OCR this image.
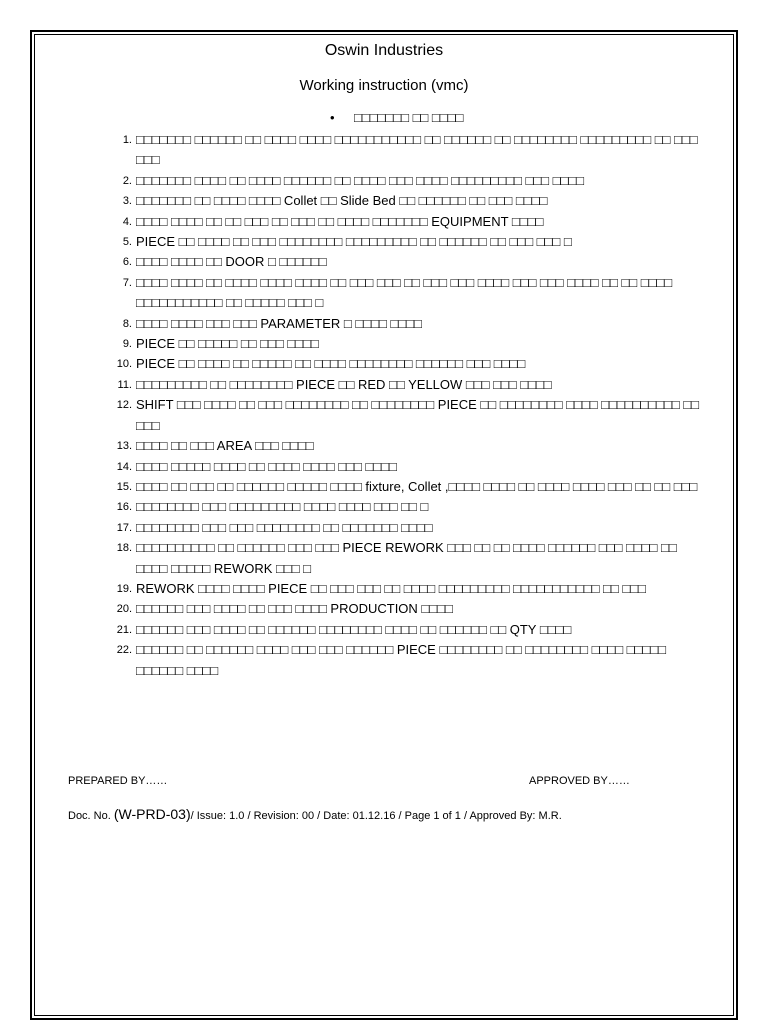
Oswin Industries
Working instruction (vmc)
• □□□□□□□ □□ □□□□
1. □□□□□□□ □□□□□□ □□ □□□□ □□□□ □□□□□□□□□□□ □□ □□□□□□ □□ □□□□□□□□ □□□□□□□□□ □□ □□□ □□□
2. □□□□□□□ □□□□ □□ □□□□ □□□□□□ □□ □□□□ □□□ □□□□ □□□□□□□□□ □□□ □□□□
3. □□□□□□□ □□ □□□□ □□□□ Collet □□ Slide Bed □□ □□□□□□ □□ □□□ □□□□
4. □□□□ □□□□ □□ □□ □□□ □□ □□□ □□ □□□□ □□□□□□□ EQUIPMENT □□□□
5. PIECE □□ □□□□ □□ □□□ □□□□□□□□ □□□□□□□□□ □□ □□□□□□ □□ □□□ □□□ □
6. □□□□ □□□□ □□ DOOR □ □□□□□□
7. □□□□ □□□□ □□ □□□□ □□□□ □□□□ □□ □□□ □□□ □□ □□□ □□□ □□□□ □□□ □□□ □□□□ □□ □□ □□□□ □□□□□□□□□□□ □□ □□□□□ □□□ □
8. □□□□ □□□□ □□□ □□□ PARAMETER □ □□□□ □□□□
9. PIECE □□ □□□□□ □□ □□□ □□□□
10. PIECE □□ □□□□ □□ □□□□□ □□ □□□□ □□□□□□□□ □□□□□□ □□□ □□□□
11. □□□□□□□□□ □□ □□□□□□□□ PIECE □□ RED □□ YELLOW □□□ □□□ □□□□
12. SHIFT □□□ □□□□ □□ □□□ □□□□□□□□ □□ □□□□□□□□ PIECE □□ □□□□□□□□ □□□□ □□□□□□□□□□ □□ □□□
13. □□□□ □□ □□□ AREA □□□ □□□□
14. □□□□ □□□□□ □□□□ □□ □□□□ □□□□ □□□ □□□□
15. □□□□ □□ □□□ □□ □□□□□□ □□□□□ □□□□ fixture, Collet ,□□□□ □□□□ □□ □□□□ □□□□ □□□ □□ □□ □□□
16. □□□□□□□□ □□□ □□□□□□□□□ □□□□ □□□□ □□□ □□ □
17. □□□□□□□□ □□□ □□□ □□□□□□□□ □□ □□□□□□□ □□□□
18. □□□□□□□□□□ □□ □□□□□□ □□□ □□□ PIECE REWORK □□□ □□ □□ □□□□ □□□□□□ □□□ □□□□ □□ □□□□ □□□□□ REWORK □□□ □
19. REWORK □□□□ □□□□ PIECE □□ □□□ □□□ □□ □□□□ □□□□□□□□□ □□□□□□□□□□□ □□ □□□
20. □□□□□□ □□□ □□□□ □□ □□□ □□□□ PRODUCTION □□□□
21. □□□□□□ □□□ □□□□ □□ □□□□□□ □□□□□□□□ □□□□ □□ □□□□□□ □□ QTY □□□□
22. □□□□□□ □□ □□□□□□ □□□□ □□□ □□□ □□□□□□ PIECE □□□□□□□□ □□ □□□□□□□□ □□□□ □□□□□ □□□□□□ □□□□
PREPARED BY……	APPROVED BY……
Doc. No. (W-PRD-03)/ Issue: 1.0 / Revision: 00 / Date: 01.12.16 / Page 1 of 1 / Approved By: M.R.
